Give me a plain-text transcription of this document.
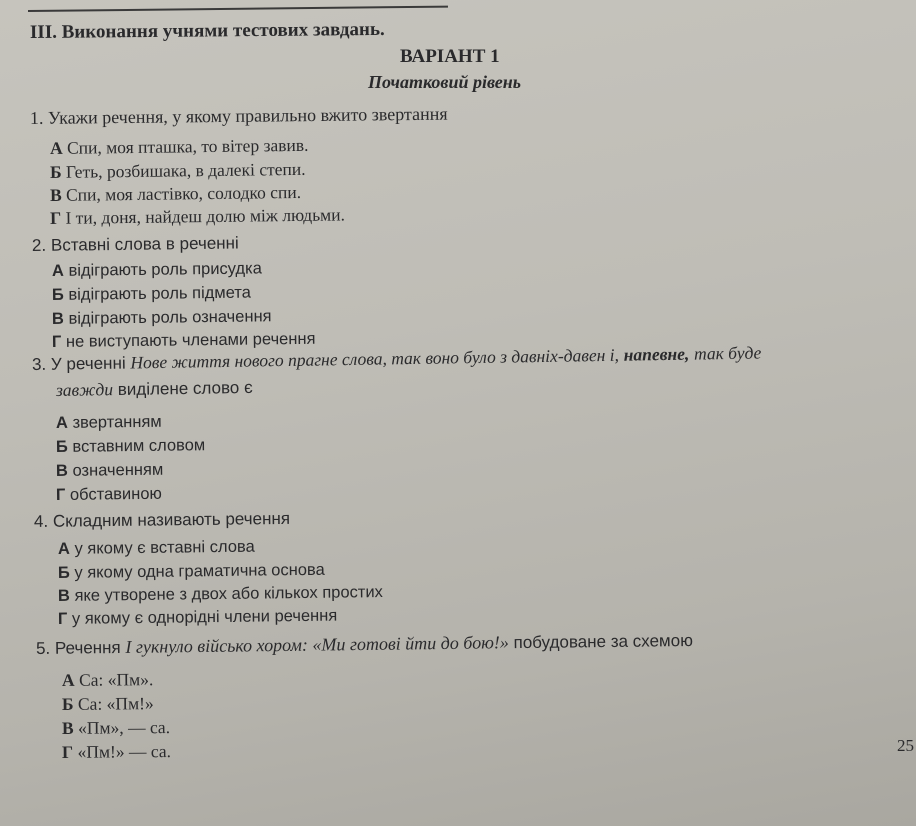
III. Виконання учнями тестових завдань.
ВАРІАНТ 1
Початковий рівень
1. Укажи речення, у якому правильно вжито звертання
А Спи, моя пташка, то вітер завив.
Б Геть, розбишака, в далекі степи.
В Спи, моя ластівко, солодко спи.
Г І ти, доня, найдеш долю між людьми.
2. Вставні слова в реченні
А відіграють роль присудка
Б відіграють роль підмета
В відіграють роль означення
Г не виступають членами речення
3. У реченні Нове життя нового прагне слова, так воно було з давніх-давен і, напевне, так буде
завжди виділене слово є
А звертанням
Б вставним словом
В означенням
Г обставиною
4. Складним називають речення
А у якому є вставні слова
Б у якому одна граматична основа
В яке утворене з двох або кількох простих
Г у якому є однорідні члени речення
5. Речення І гукнуло військо хором: «Ми готові йти до бою!» побудоване за схемою
А Са: «Пм».
Б Са: «Пм!»
В «Пм», — са.
Г «Пм!» — са.	25
